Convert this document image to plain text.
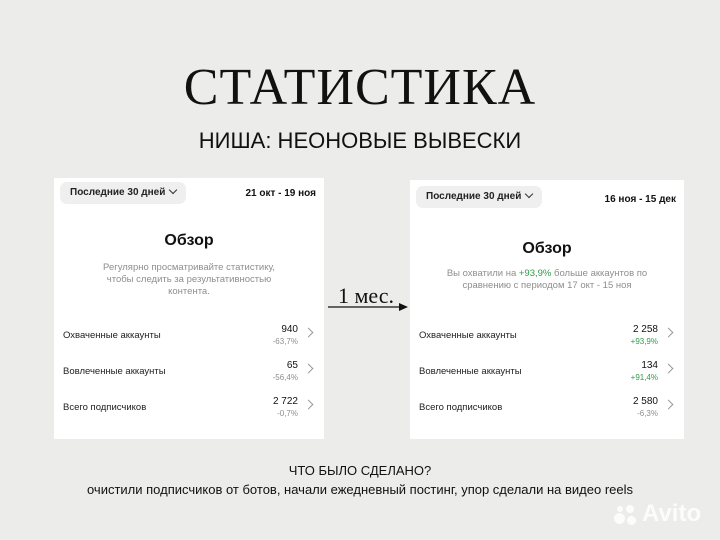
СТАТИСТИКА
НИША: НЕОНОВЫЕ ВЫВЕСКИ
Последние 30 дней	21 окт - 19 ноя
Обзор
Регулярно просматривайте статистику, чтобы следить за результативностью контента.
Охваченные аккаунты
940
-63,7%
Вовлеченные аккаунты
65
-56,4%
Всего подписчиков
2 722
-0,7%
1 мес.
Последние 30 дней	16 ноя - 15 дек
Обзор
Вы охватили на +93,9% больше аккаунтов по сравнению с периодом 17 окт - 15 ноя
Охваченные аккаунты
2 258
+93,9%
Вовлеченные аккаунты
134
+91,4%
Всего подписчиков
2 580
-6,3%
ЧТО БЫЛО СДЕЛАНО?
очистили подписчиков от ботов, начали ежедневный постинг, упор сделали на видео reels
Avito
